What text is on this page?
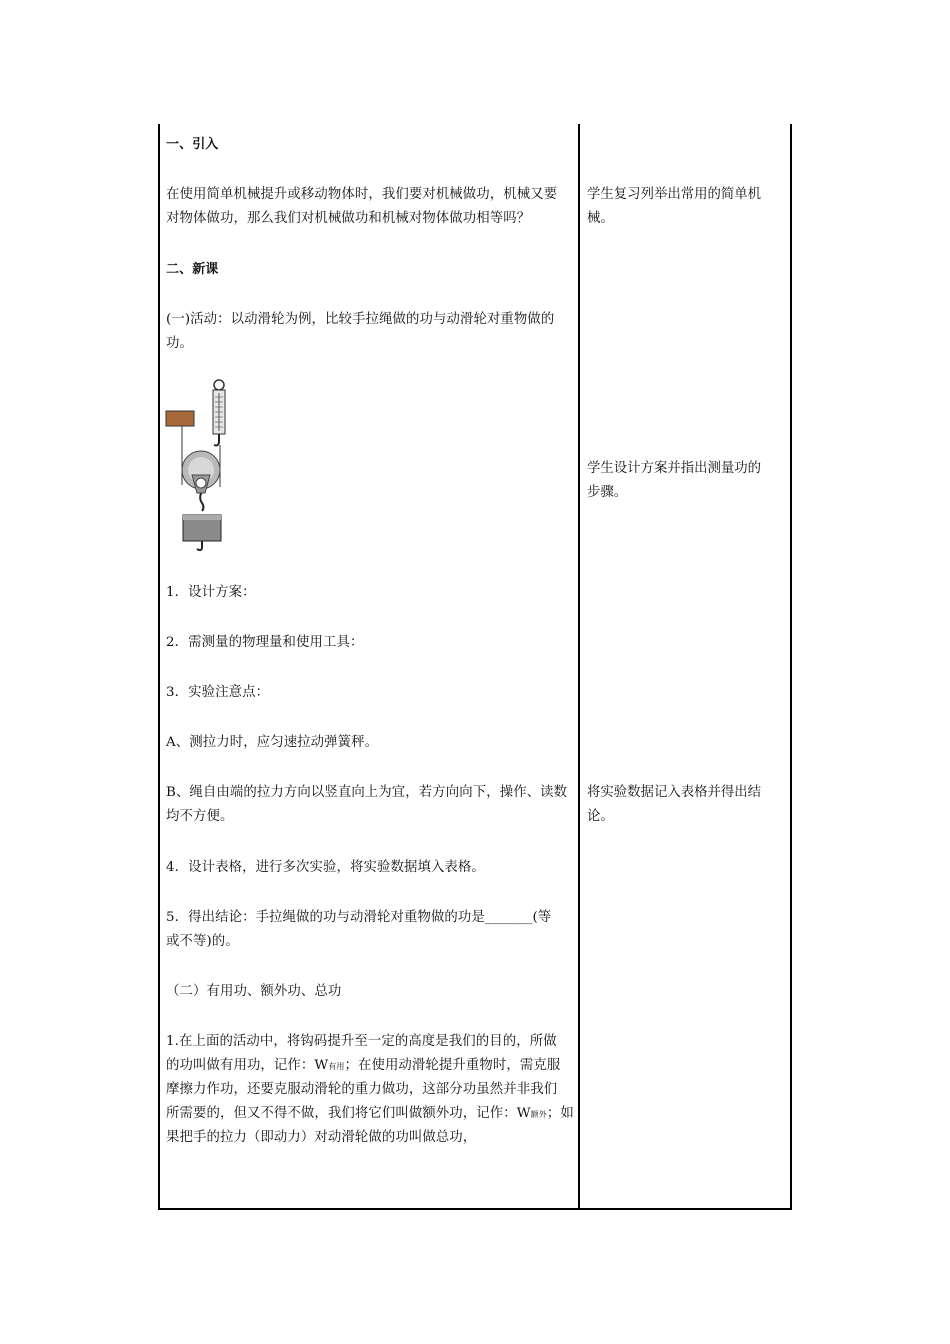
一、引入
在使用简单机械提升或移动物体时，我们要对机械做功，机械又要
对物体做功，那么我们对机械做功和机械对物体做功相等吗？
二、新课
(一)活动：以动滑轮为例，比较手拉绳做的功与动滑轮对重物做的
功。
1．设计方案：
2．需测量的物理量和使用工具：
3．实验注意点：
A、测拉力时，应匀速拉动弹簧秤。
B、绳自由端的拉力方向以竖直向上为宜，若方向向下，操作、读数
均不方便。
4．设计表格，进行多次实验，将实验数据填入表格。
5．得出结论：手拉绳做的功与动滑轮对重物做的功是_______(等
或不等)的。
（二）有用功、额外功、总功
1.在上面的活动中，将钩码提升至一定的高度是我们的目的，所做
的功叫做有用功，记作：W有用；在使用动滑轮提升重物时，需克服
摩擦力作功，还要克服动滑轮的重力做功，这部分功虽然并非我们
所需要的，但又不得不做，我们将它们叫做额外功，记作：W额外；如
果把手的拉力（即动力）对动滑轮做的功叫做总功，
学生复习列举出常用的简单机
械。
学生设计方案并指出测量功的
步骤。
将实验数据记入表格并得出结
论。
